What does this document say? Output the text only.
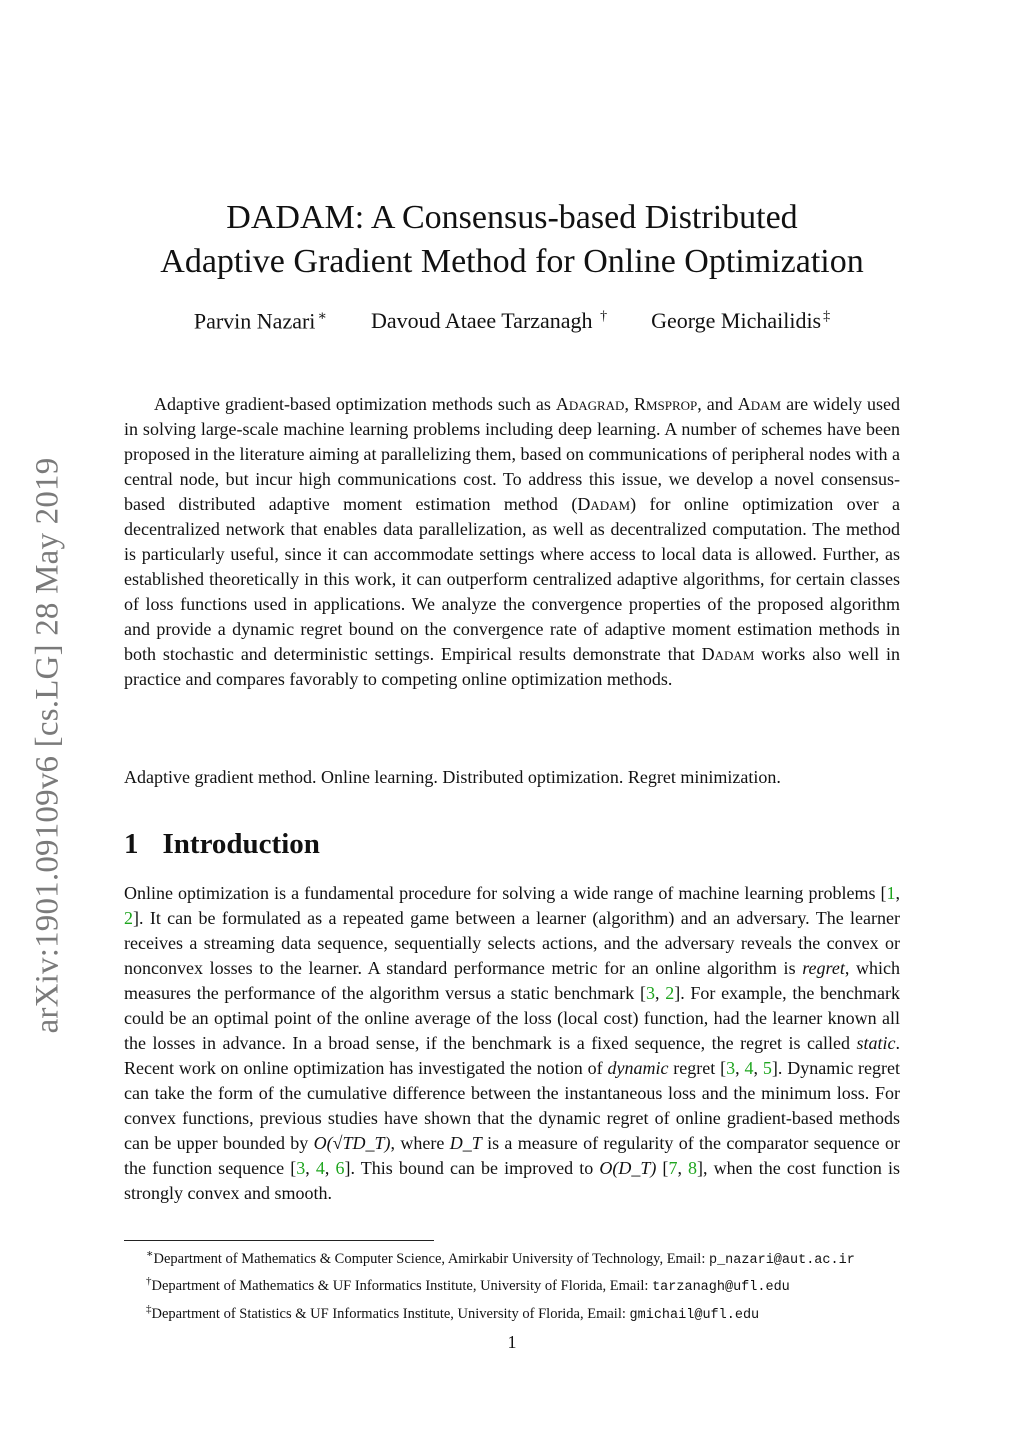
arXiv:1901.09109v6 [cs.LG] 28 May 2019
DADAM: A Consensus-based Distributed
Adaptive Gradient Method for Online Optimization
Parvin Nazari ∗ Davoud Ataee Tarzanagh † George Michailidis ‡

Adaptive gradient-based optimization methods such as Adagrad, Rmsprop, and Adam are widely used in solving large-scale machine learning problems including deep learning. A number of schemes have been proposed in the literature aiming at parallelizing them, based on communications of peripheral nodes with a central node, but incur high communications cost. To address this issue, we develop a novel consensus-based distributed adaptive moment estimation method (Dadam) for online optimization over a decentralized network that enables data parallelization, as well as decentralized computation. The method is particularly useful, since it can accommodate settings where access to local data is allowed. Further, as established theoretically in this work, it can outperform centralized adaptive algorithms, for certain classes of loss functions used in applications. We analyze the convergence properties of the proposed algorithm and provide a dynamic regret bound on the convergence rate of adaptive moment estimation methods in both stochastic and deterministic settings. Empirical results demonstrate that Dadam works also well in practice and compares favorably to competing online optimization methods.

Adaptive gradient method. Online learning. Distributed optimization. Regret minimization.

1 Introduction

Online optimization is a fundamental procedure for solving a wide range of machine learning problems [1, 2]. It can be formulated as a repeated game between a learner (algorithm) and an adversary. The learner receives a streaming data sequence, sequentially selects actions, and the adversary reveals the convex or nonconvex losses to the learner. A standard performance metric for an online algorithm is regret, which measures the performance of the algorithm versus a static benchmark [3, 2]. For example, the benchmark could be an optimal point of the online average of the loss (local cost) function, had the learner known all the losses in advance. In a broad sense, if the benchmark is a fixed sequence, the regret is called static. Recent work on online optimization has investigated the notion of dynamic regret [3, 4, 5]. Dynamic regret can take the form of the cumulative difference between the instantaneous loss and the minimum loss. For convex functions, previous studies have shown that the dynamic regret of online gradient-based methods can be upper bounded by O(√TD_T), where D_T is a measure of regularity of the comparator sequence or the function sequence [3, 4, 6]. This bound can be improved to O(D_T) [7, 8], when the cost function is strongly convex and smooth.

∗Department of Mathematics & Computer Science, Amirkabir University of Technology, Email: p_nazari@aut.ac.ir

†Department of Mathematics & UF Informatics Institute, University of Florida, Email: tarzanagh@ufl.edu

‡Department of Statistics & UF Informatics Institute, University of Florida, Email: gmichail@ufl.edu

1
